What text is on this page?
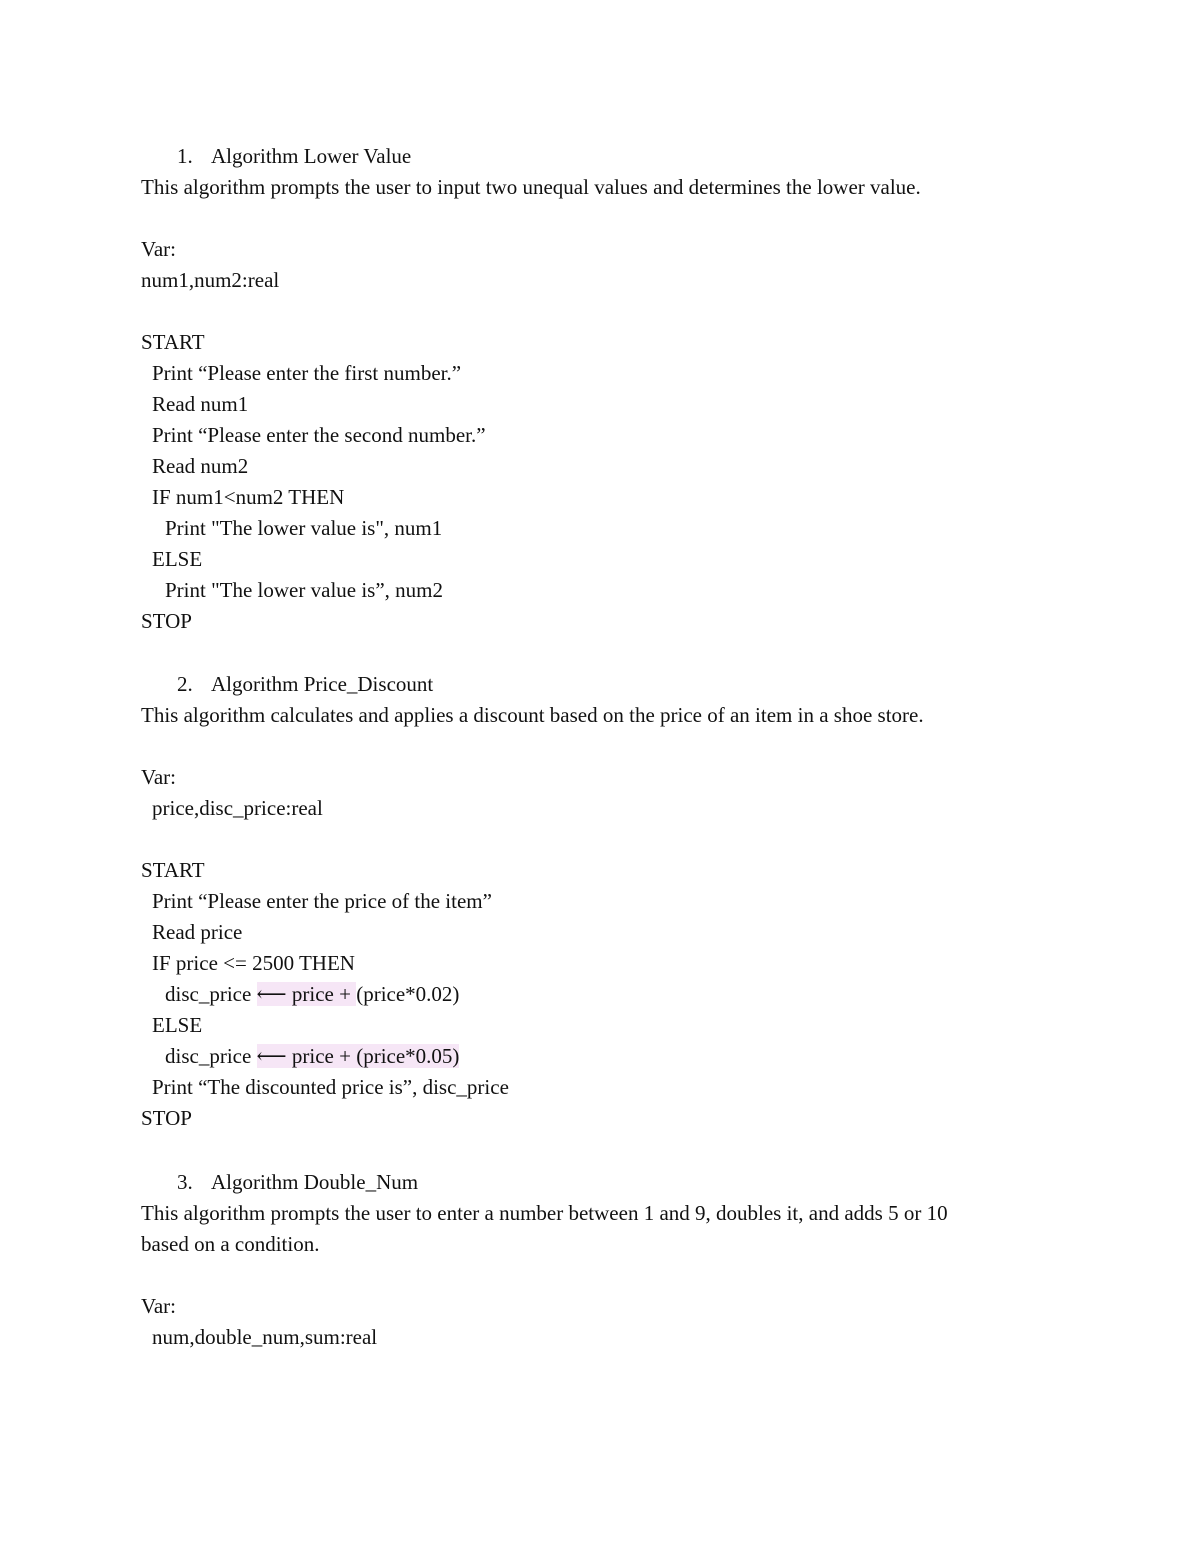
1. Algorithm Lower Value
This algorithm prompts the user to input two unequal values and determines the lower value.
Var:
num1,num2:real
START
Print “Please enter the first number.”
Read num1
Print “Please enter the second number.”
Read num2
IF num1<num2 THEN
Print "The lower value is", num1
ELSE
Print "The lower value is”, num2
STOP
2. Algorithm Price_Discount
This algorithm calculates and applies a discount based on the price of an item in a shoe store.
Var:
price,disc_price:real
START
Print “Please enter the price of the item”
Read price
IF price <= 2500 THEN
disc_price ⟵ price + (price*0.02)
ELSE
disc_price ⟵ price + (price*0.05)
Print “The discounted price is”, disc_price
STOP
3. Algorithm Double_Num
This algorithm prompts the user to enter a number between 1 and 9, doubles it, and adds 5 or 10
based on a condition.
Var:
num,double_num,sum:real
